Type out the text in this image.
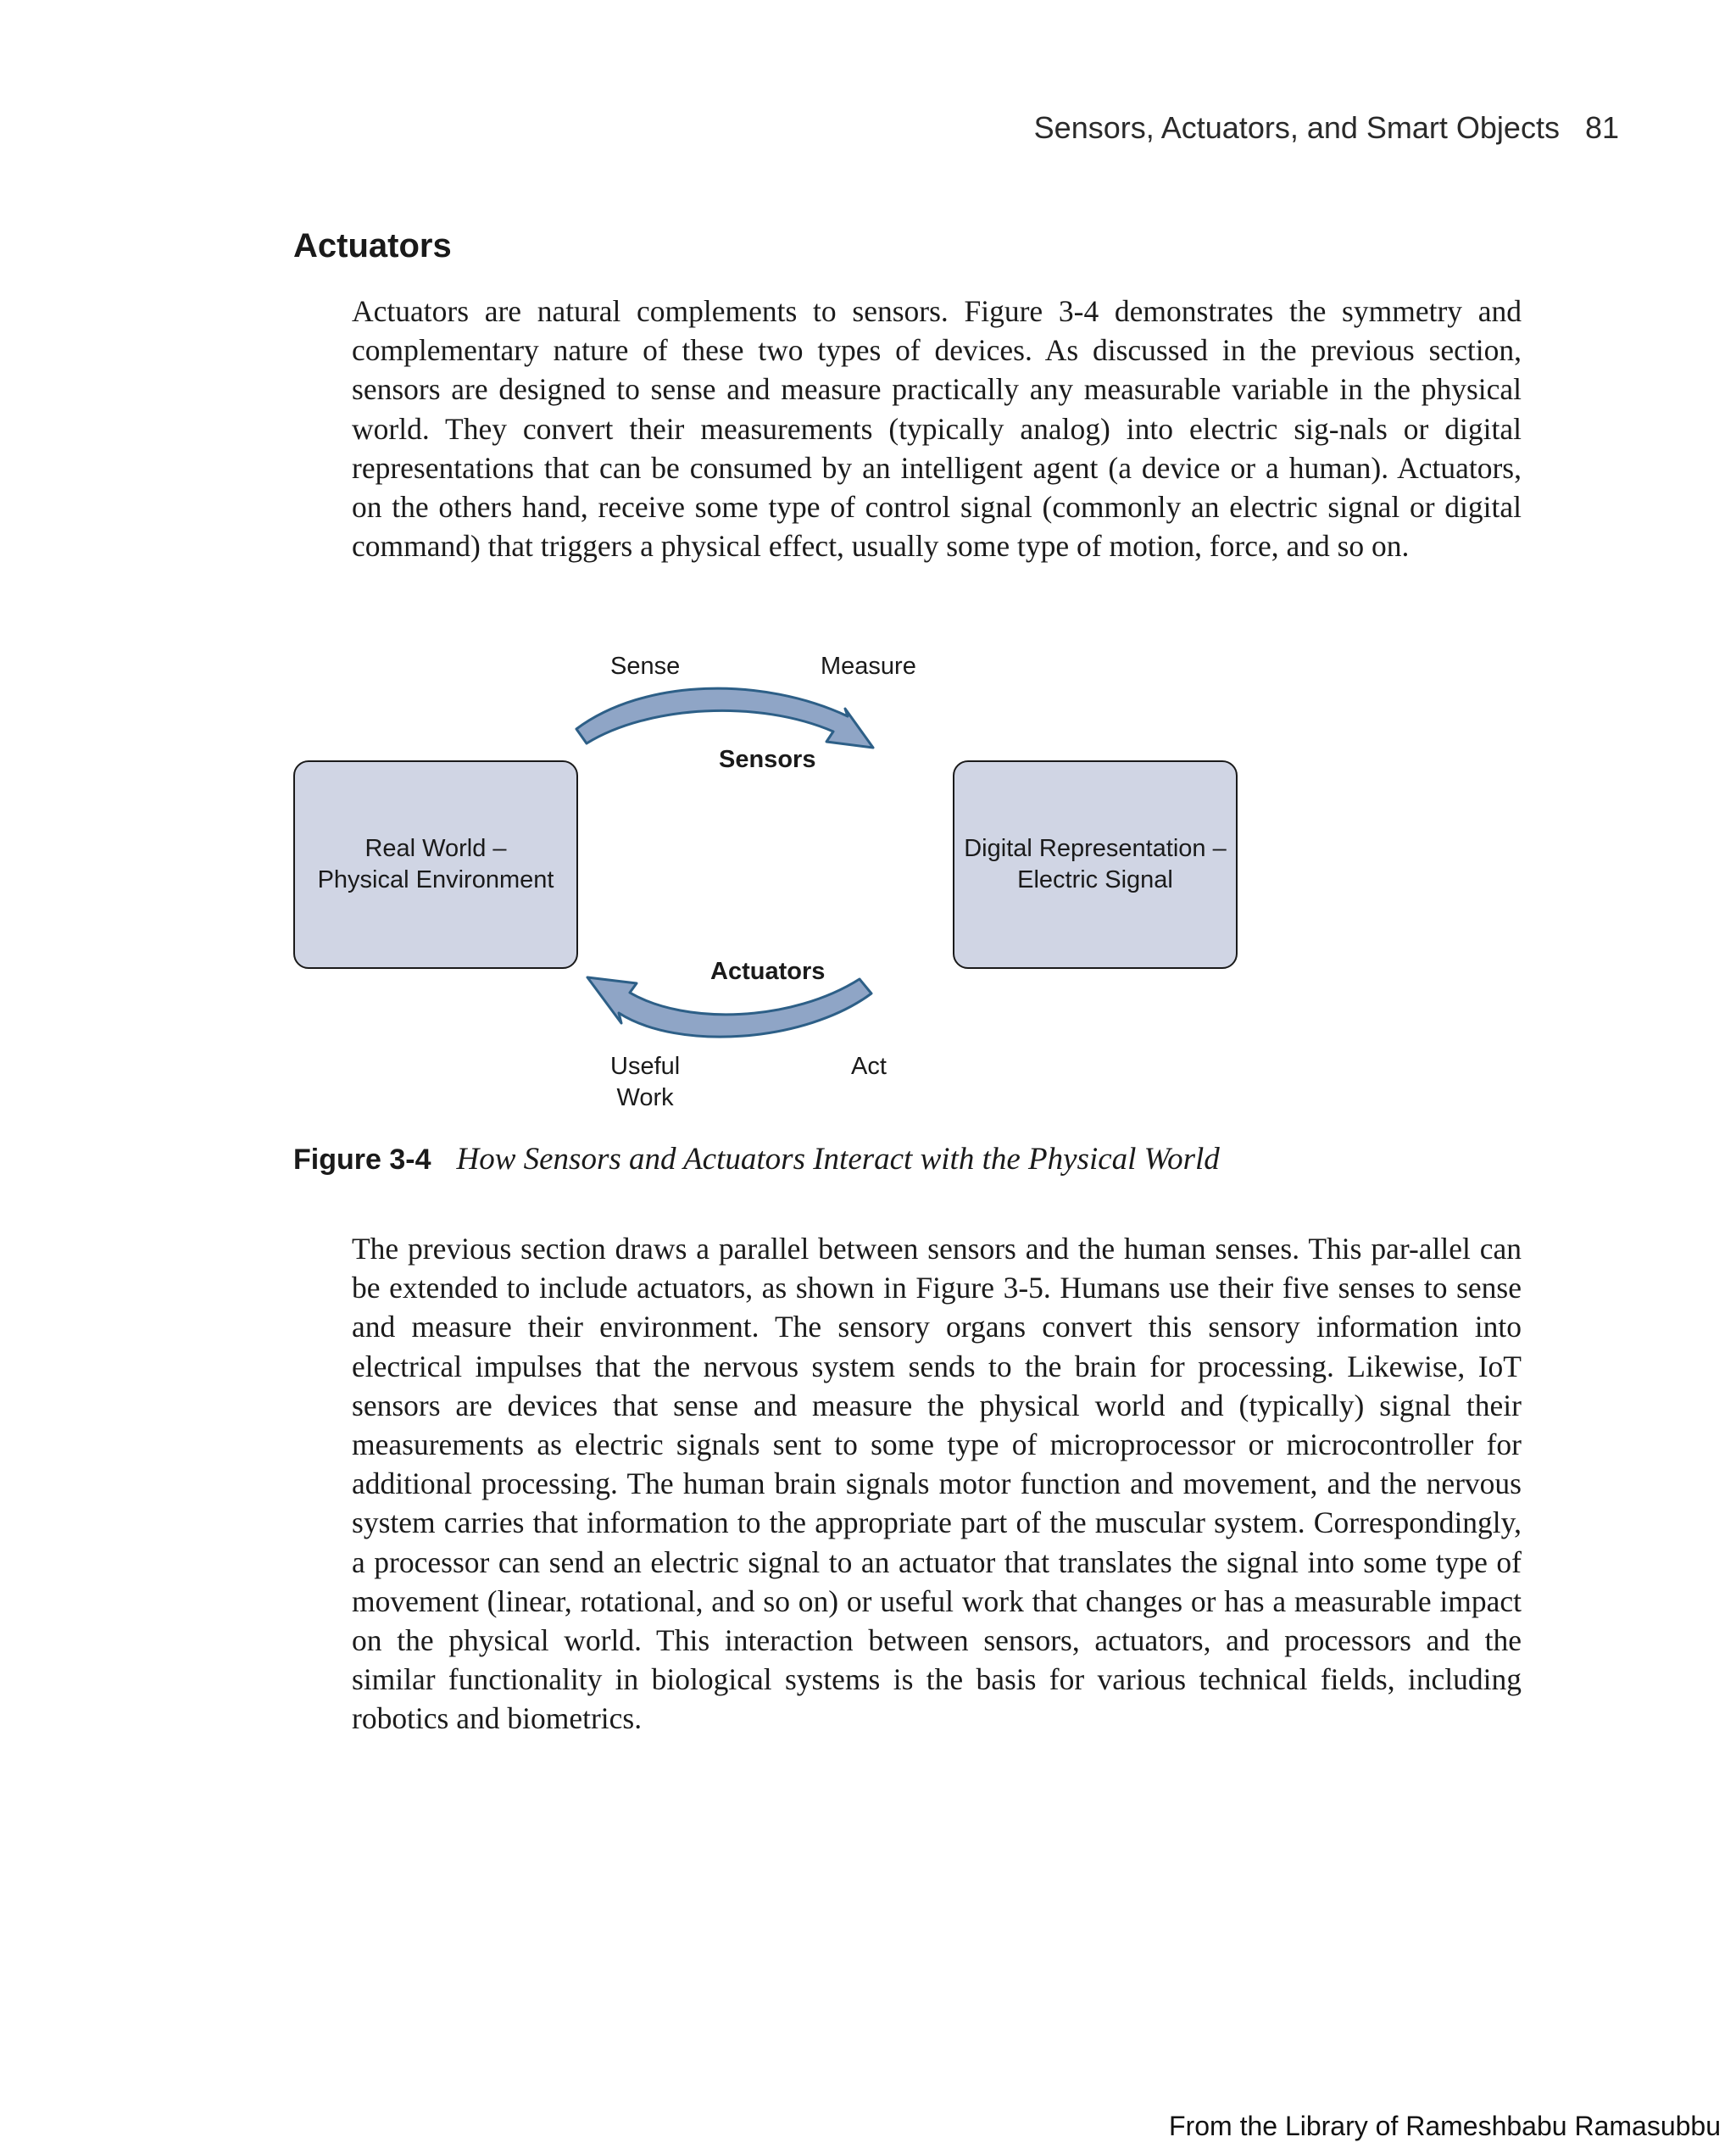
Sensors, Actuators, and Smart Objects 81
Actuators

Actuators are natural complements to sensors. Figure 3-4 demonstrates the symmetry and complementary nature of these two types of devices. As discussed in the previous section, sensors are designed to sense and measure practically any measurable variable in the physical world. They convert their measurements (typically analog) into electric sig-nals or digital representations that can be consumed by an intelligent agent (a device or a human). Actuators, on the others hand, receive some type of control signal (commonly an electric signal or digital command) that triggers a physical effect, usually some type of motion, force, and so on.

Real World –
Physical Environment
Digital Representation –
Electric Signal
Sense	Measure
Sensors
Actuators
Useful
Work
Act
Figure 3-4 How Sensors and Actuators Interact with the Physical World

The previous section draws a parallel between sensors and the human senses. This par-allel can be extended to include actuators, as shown in Figure 3-5. Humans use their five senses to sense and measure their environment. The sensory organs convert this sensory information into electrical impulses that the nervous system sends to the brain for processing. Likewise, IoT sensors are devices that sense and measure the physical world and (typically) signal their measurements as electric signals sent to some type of microprocessor or microcontroller for additional processing. The human brain signals motor function and movement, and the nervous system carries that information to the appropriate part of the muscular system. Correspondingly, a processor can send an electric signal to an actuator that translates the signal into some type of movement (linear, rotational, and so on) or useful work that changes or has a measurable impact on the physical world. This interaction between sensors, actuators, and processors and the similar functionality in biological systems is the basis for various technical fields, including robotics and biometrics.

From the Library of Rameshbabu Ramasubbu
